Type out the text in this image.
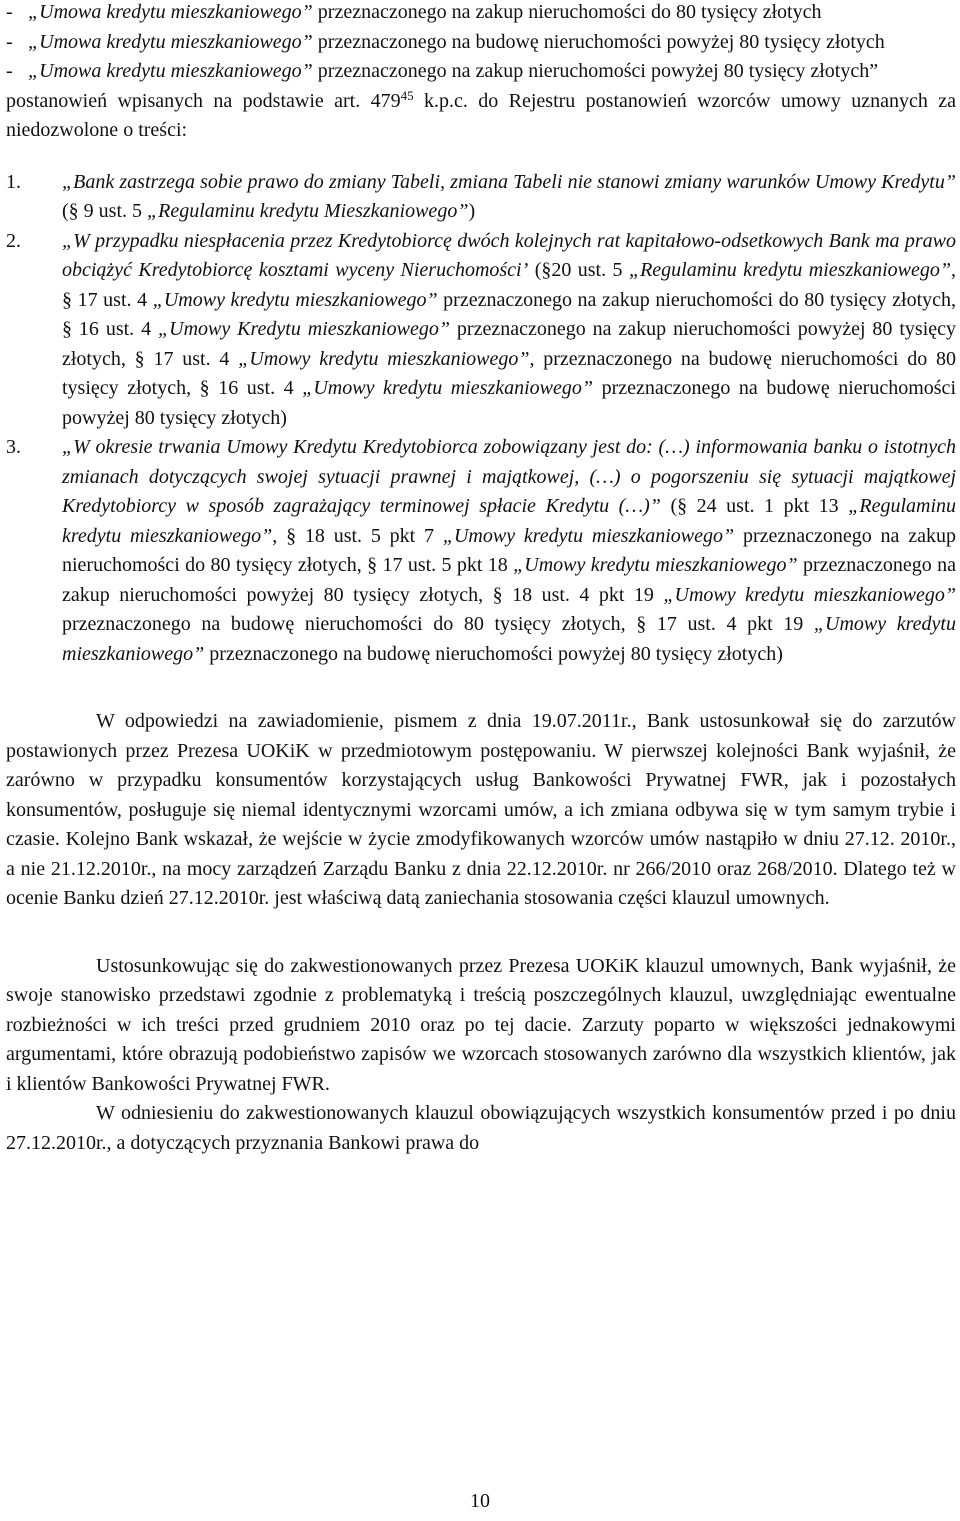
- „Umowa kredytu mieszkaniowego” przeznaczonego na zakup nieruchomości do 80 tysięcy złotych
- „Umowa kredytu mieszkaniowego” przeznaczonego na budowę nieruchomości powyżej 80 tysięcy złotych
- „Umowa kredytu mieszkaniowego” przeznaczonego na zakup nieruchomości powyżej 80 tysięcy złotych”
postanowień wpisanych na podstawie art. $479^{45}$ k.p.c. do Rejestru postanowień wzorców umowy uznanych za niedozwolone o treści:
1.	„Bank zastrzega sobie prawo do zmiany Tabeli, zmiana Tabeli nie stanowi zmiany warunków Umowy Kredytu” (§ 9 ust. 5 „Regulaminu kredytu Mieszkaniowego”)
2.	„W przypadku niespłacenia przez Kredytobiorcę dwóch kolejnych rat kapitałowo-odsetkowych Bank ma prawo obciążyć Kredytobiorcę kosztami wyceny Nieruchomości’ (§20 ust. 5 „Regulaminu kredytu mieszkaniowego”, § 17 ust. 4 „Umowy kredytu mieszkaniowego” przeznaczonego na zakup nieruchomości do 80 tysięcy złotych, § 16 ust. 4 „Umowy Kredytu mieszkaniowego” przeznaczonego na zakup nieruchomości powyżej 80 tysięcy złotych, § 17 ust. 4 „Umowy kredytu mieszkaniowego”, przeznaczonego na budowę nieruchomości do 80 tysięcy złotych, § 16 ust. 4 „Umowy kredytu mieszkaniowego” przeznaczonego na budowę nieruchomości powyżej 80 tysięcy złotych)
3.	„W okresie trwania Umowy Kredytu Kredytobiorca zobowiązany jest do: (…) informowania banku o istotnych zmianach dotyczących swojej sytuacji prawnej i majątkowej, (…) o pogorszeniu się sytuacji majątkowej Kredytobiorcy w sposób zagrażający terminowej spłacie Kredytu (…)” (§ 24 ust. 1 pkt 13 „Regulaminu kredytu mieszkaniowego”, § 18 ust. 5 pkt 7 „Umowy kredytu mieszkaniowego” przeznaczonego na zakup nieruchomości do 80 tysięcy złotych, § 17 ust. 5 pkt 18 „Umowy kredytu mieszkaniowego” przeznaczonego na zakup nieruchomości powyżej 80 tysięcy złotych, § 18 ust. 4 pkt 19 „Umowy kredytu mieszkaniowego” przeznaczonego na budowę nieruchomości do 80 tysięcy złotych, § 17 ust. 4 pkt 19 „Umowy kredytu mieszkaniowego” przeznaczonego na budowę nieruchomości powyżej 80 tysięcy złotych)
W odpowiedzi na zawiadomienie, pismem z dnia 19.07.2011r., Bank ustosunkował się do zarzutów postawionych przez Prezesa UOKiK w przedmiotowym postępowaniu. W pierwszej kolejności Bank wyjaśnił, że zarówno w przypadku konsumentów korzystających usług Bankowości Prywatnej FWR, jak i pozostałych konsumentów, posługuje się niemal identycznymi wzorcami umów, a ich zmiana odbywa się w tym samym trybie i czasie. Kolejno Bank wskazał, że wejście w życie zmodyfikowanych wzorców umów nastąpiło w dniu 27.12. 2010r., a nie 21.12.2010r., na mocy zarządzeń Zarządu Banku z dnia 22.12.2010r. nr 266/2010 oraz 268/2010. Dlatego też w ocenie Banku dzień 27.12.2010r. jest właściwą datą zaniechania stosowania części klauzul umownych.
Ustosunkowując się do zakwestionowanych przez Prezesa UOKiK klauzul umownych, Bank wyjaśnił, że swoje stanowisko przedstawi zgodnie z problematyką i treścią poszczególnych klauzul, uwzględniając ewentualne rozbieżności w ich treści przed grudniem 2010 oraz po tej dacie. Zarzuty poparto w większości jednakowymi argumentami, które obrazują podobieństwo zapisów we wzorcach stosowanych zarówno dla wszystkich klientów, jak i klientów Bankowości Prywatnej FWR.
W odniesieniu do zakwestionowanych klauzul obowiązujących wszystkich konsumentów przed i po dniu 27.12.2010r., a dotyczących przyznania Bankowi prawa do
10
